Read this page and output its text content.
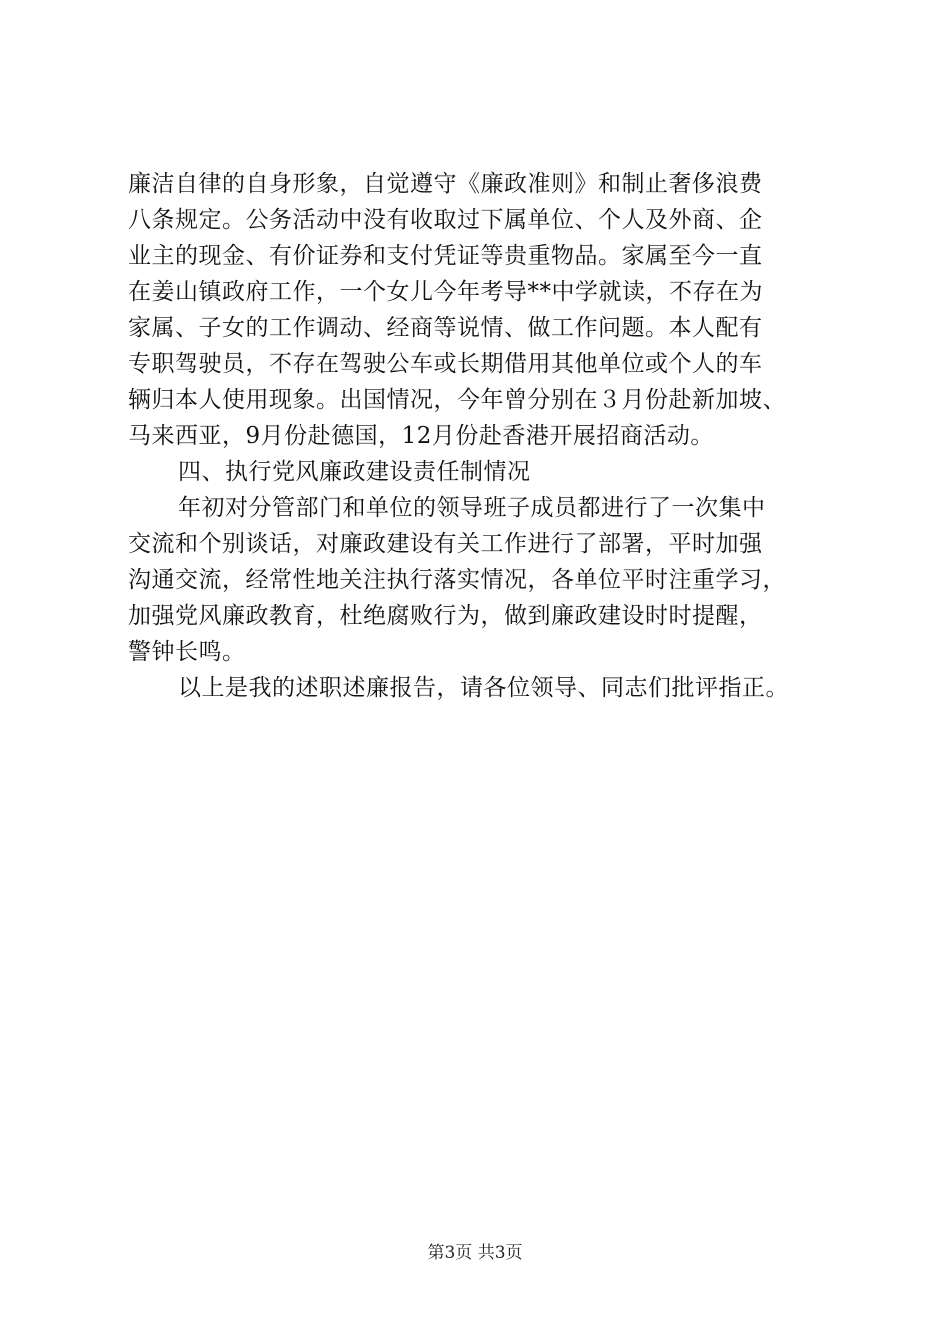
廉洁自律的自身形象，自觉遵守《廉政准则》和制止奢侈浪费
八条规定。公务活动中没有收取过下属单位、个人及外商、企
业主的现金、有价证券和支付凭证等贵重物品。家属至今一直
在姜山镇政府工作，一个女儿今年考导**中学就读，不存在为
家属、子女的工作调动、经商等说情、做工作问题。本人配有
专职驾驶员，不存在驾驶公车或长期借用其他单位或个人的车
辆归本人使用现象。出国情况，今年曾分别在３月份赴新加坡、
马来西亚，9月份赴德国，12月份赴香港开展招商活动。
四、执行党风廉政建设责任制情况
年初对分管部门和单位的领导班子成员都进行了一次集中
交流和个别谈话，对廉政建设有关工作进行了部署，平时加强
沟通交流，经常性地关注执行落实情况，各单位平时注重学习，
加强党风廉政教育，杜绝腐败行为，做到廉政建设时时提醒，
警钟长鸣。
以上是我的述职述廉报告，请各位领导、同志们批评指正。
第3页 共3页
